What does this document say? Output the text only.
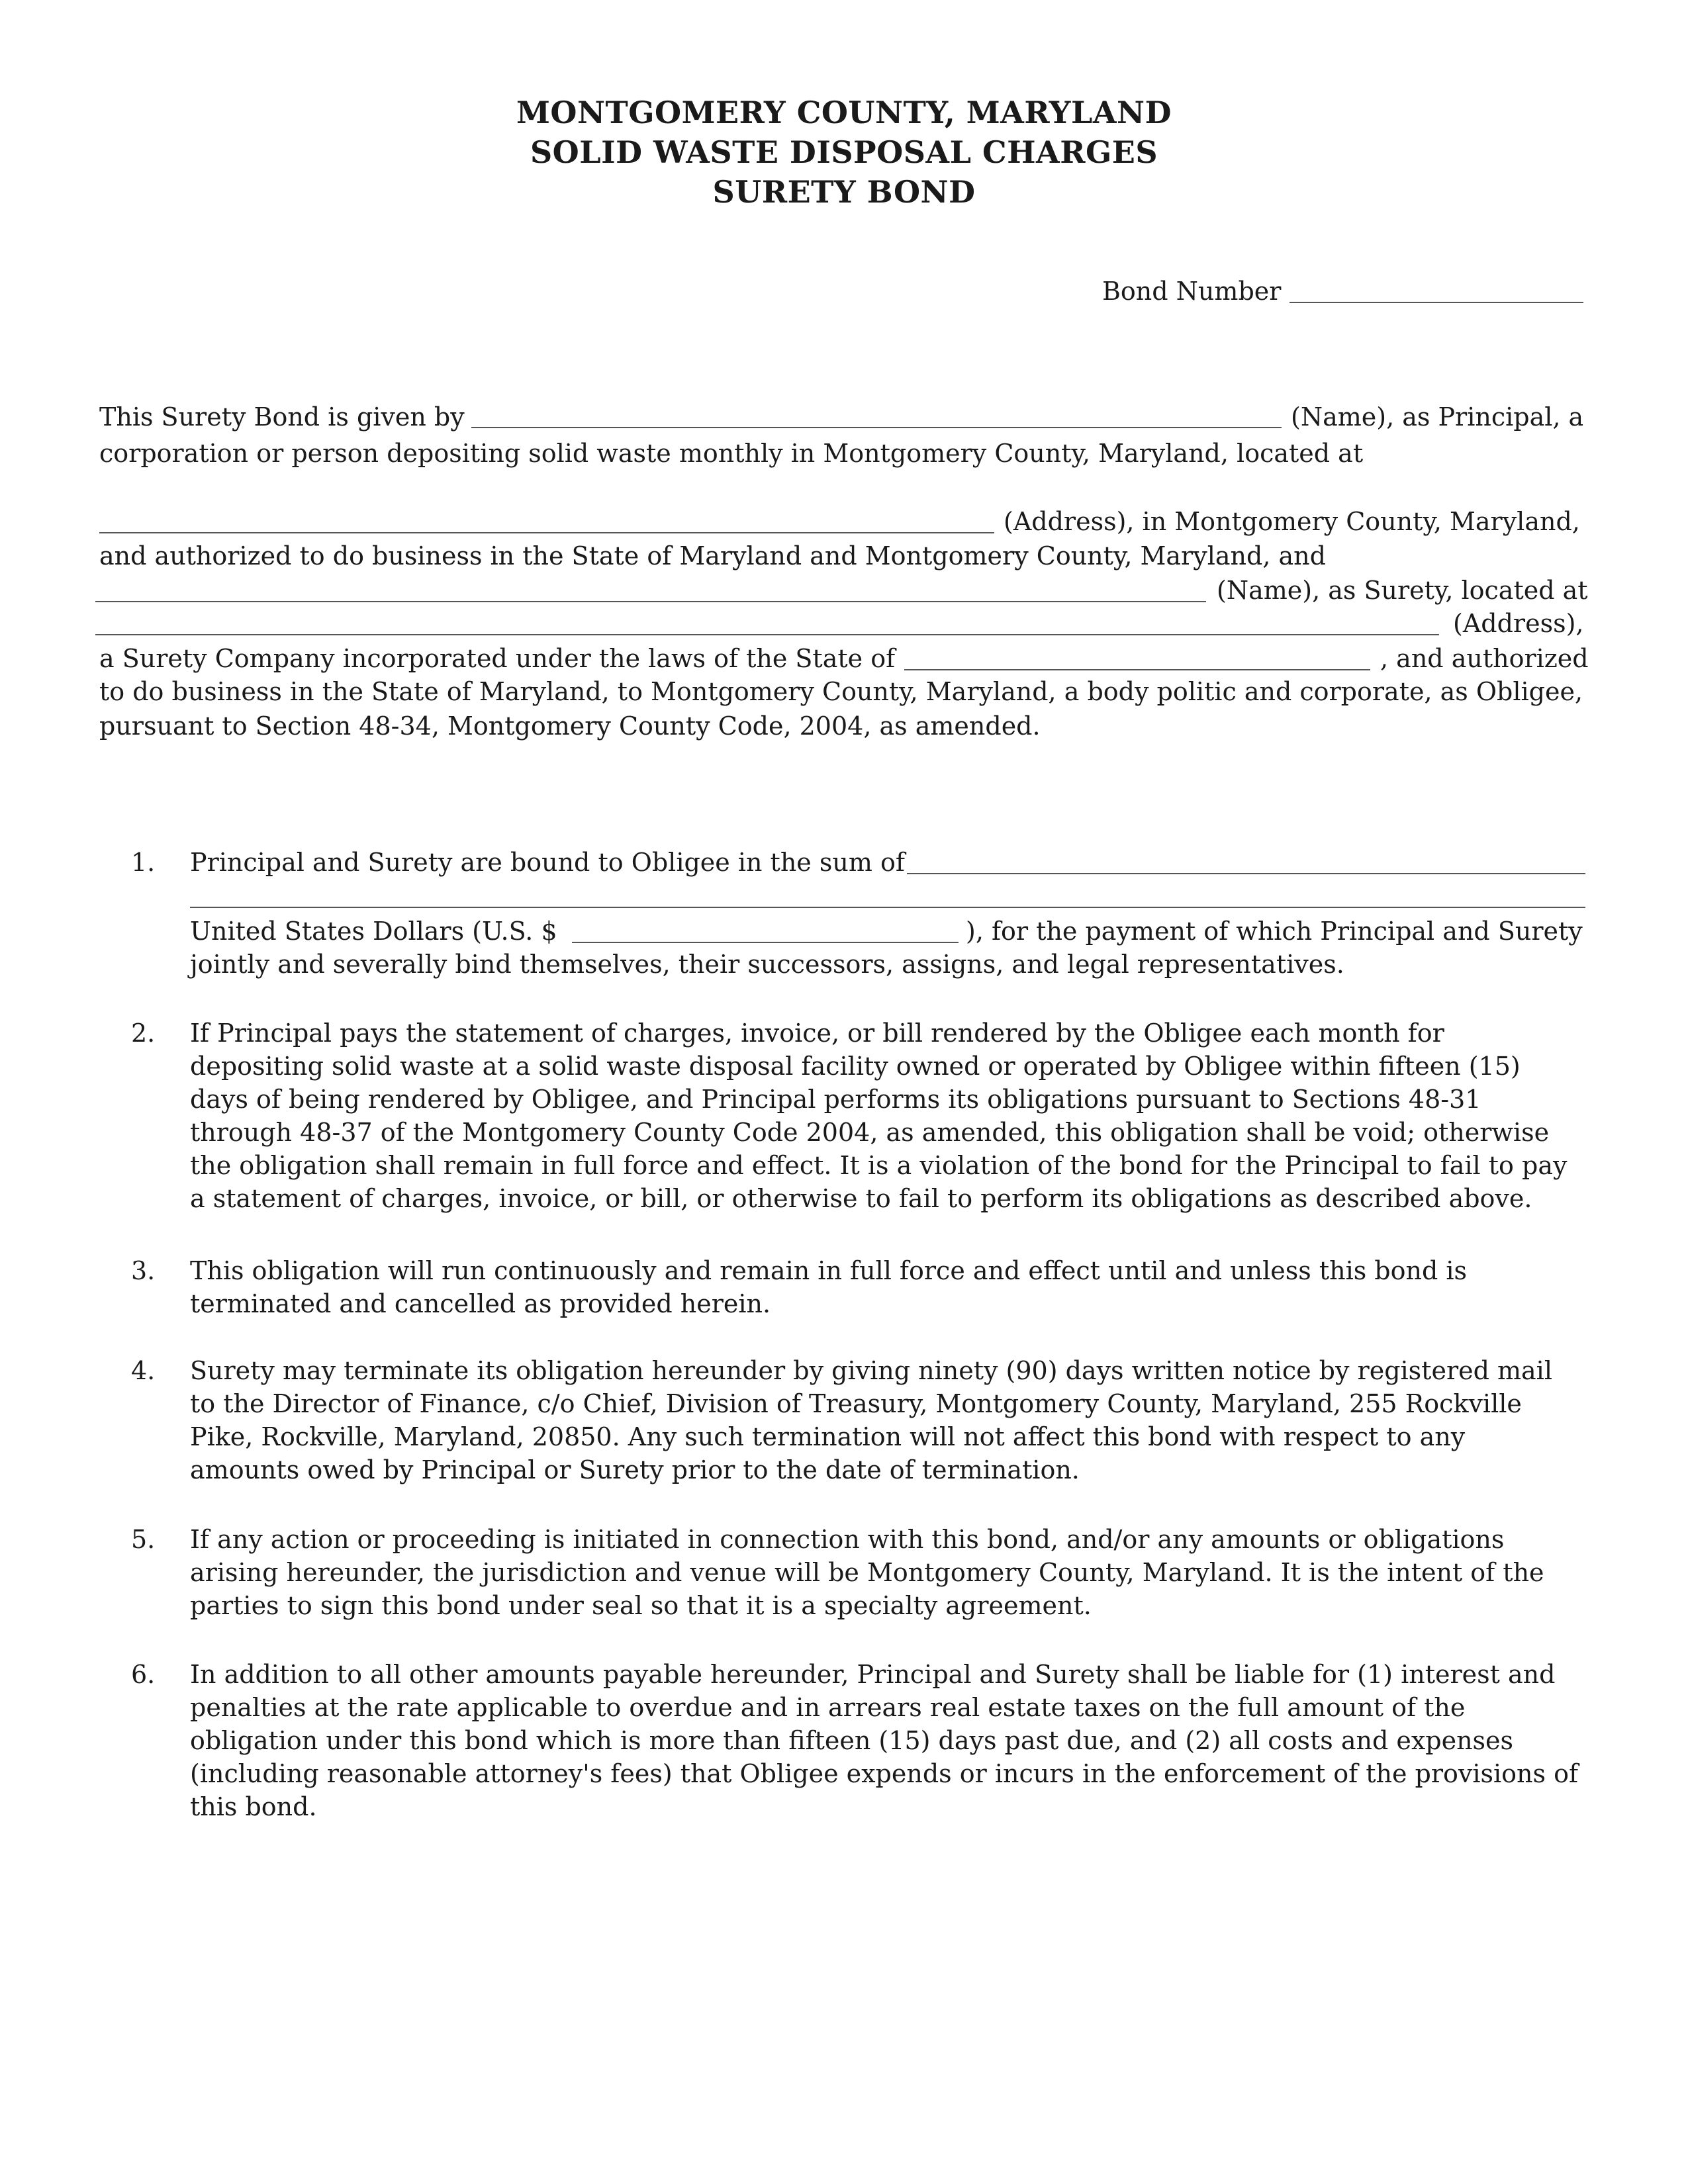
MONTGOMERY COUNTY, MARYLAND
SOLID WASTE DISPOSAL CHARGES
SURETY BOND
Bond Number
This Surety Bond is given by	(Name), as Principal, a
corporation or person depositing solid waste monthly in Montgomery County, Maryland, located at
(Address), in Montgomery County, Maryland,
and authorized to do business in the State of Maryland and Montgomery County, Maryland, and
(Name), as Surety, located at
(Address),
a Surety Company incorporated under the laws of the State of	, and authorized
to do business in the State of Maryland, to Montgomery County, Maryland, a body politic and corporate, as Obligee,
pursuant to Section 48-34, Montgomery County Code, 2004, as amended.
1. Principal and Surety are bound to Obligee in the sum of
United States Dollars (U.S. $	), for the payment of which Principal and Surety
jointly and severally bind themselves, their successors, assigns, and legal representatives.
2. If Principal pays the statement of charges, invoice, or bill rendered by the Obligee each month for depositing solid waste at a solid waste disposal facility owned or operated by Obligee within fifteen (15) days of being rendered by Obligee, and Principal performs its obligations pursuant to Sections 48-31 through 48-37 of the Montgomery County Code 2004, as amended, this obligation shall be void; otherwise the obligation shall remain in full force and effect. It is a violation of the bond for the Principal to fail to pay a statement of charges, invoice, or bill, or otherwise to fail to perform its obligations as described above.
3. This obligation will run continuously and remain in full force and effect until and unless this bond is terminated and cancelled as provided herein.
4. Surety may terminate its obligation hereunder by giving ninety (90) days written notice by registered mail to the Director of Finance, c/o Chief, Division of Treasury, Montgomery County, Maryland, 255 Rockville Pike, Rockville, Maryland, 20850. Any such termination will not affect this bond with respect to any amounts owed by Principal or Surety prior to the date of termination.
5. If any action or proceeding is initiated in connection with this bond, and/or any amounts or obligations arising hereunder, the jurisdiction and venue will be Montgomery County, Maryland. It is the intent of the parties to sign this bond under seal so that it is a specialty agreement.
6. In addition to all other amounts payable hereunder, Principal and Surety shall be liable for (1) interest and penalties at the rate applicable to overdue and in arrears real estate taxes on the full amount of the obligation under this bond which is more than fifteen (15) days past due, and (2) all costs and expenses (including reasonable attorney's fees) that Obligee expends or incurs in the enforcement of the provisions of this bond.
